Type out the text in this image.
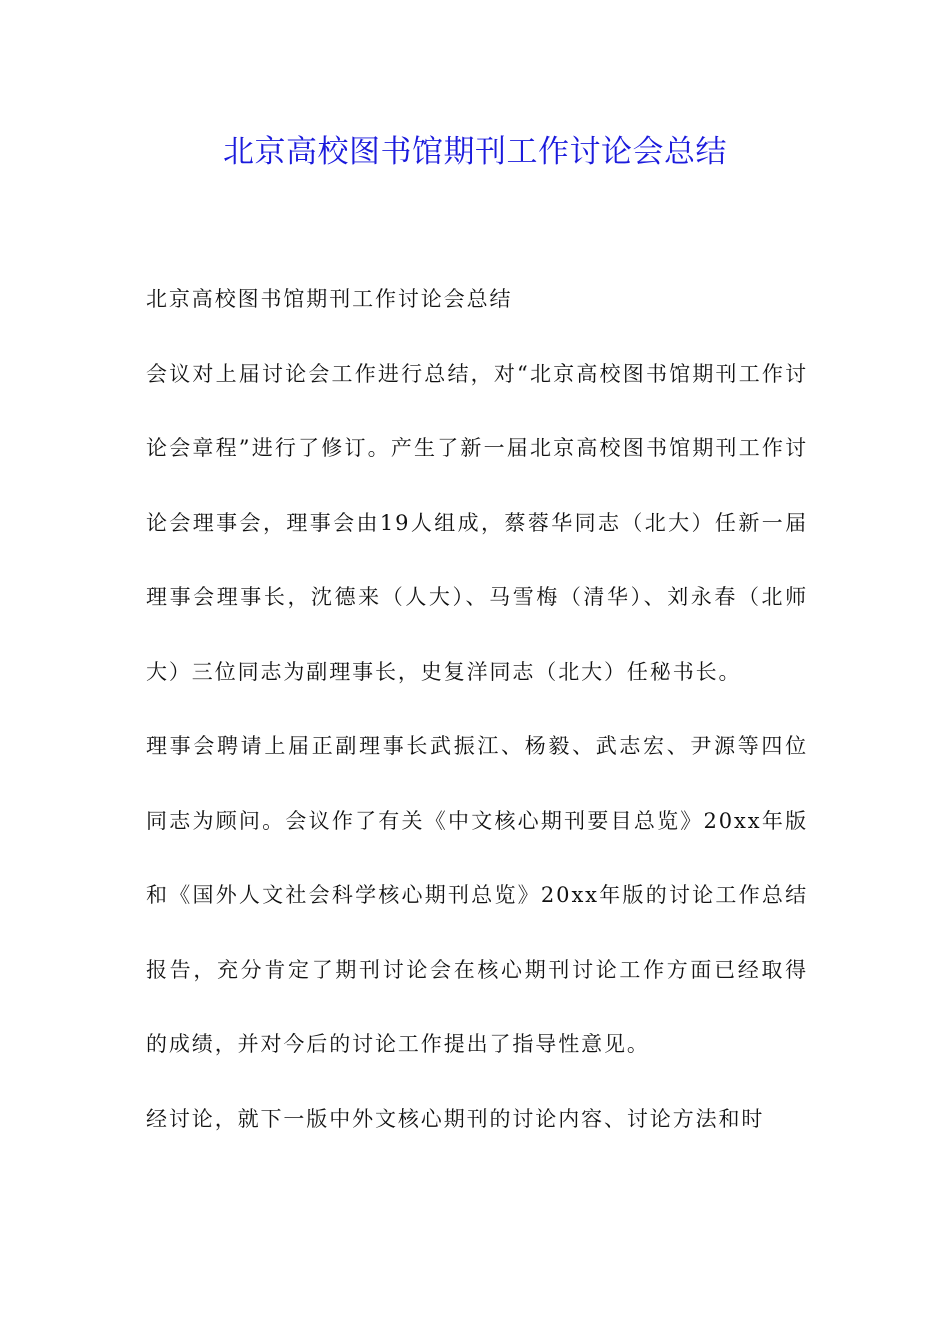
北京高校图书馆期刊工作讨论会总结

北京高校图书馆期刊工作讨论会总结

会议对上届讨论会工作进行总结，对“北京高校图书馆期刊工作讨论会章程”进行了修订。产生了新一届北京高校图书馆期刊工作讨论会理事会，理事会由19人组成，蔡蓉华同志（北大）任新一届理事会理事长，沈德来（人大）、马雪梅（清华）、刘永春（北师大）三位同志为副理事长，史复洋同志（北大）任秘书长。

理事会聘请上届正副理事长武振江、杨毅、武志宏、尹源等四位同志为顾问。会议作了有关《中文核心期刊要目总览》20xx年版和《国外人文社会科学核心期刊总览》20xx年版的讨论工作总结报告，充分肯定了期刊讨论会在核心期刊讨论工作方面已经取得的成绩，并对今后的讨论工作提出了指导性意见。

经讨论，就下一版中外文核心期刊的讨论内容、讨论方法和时
